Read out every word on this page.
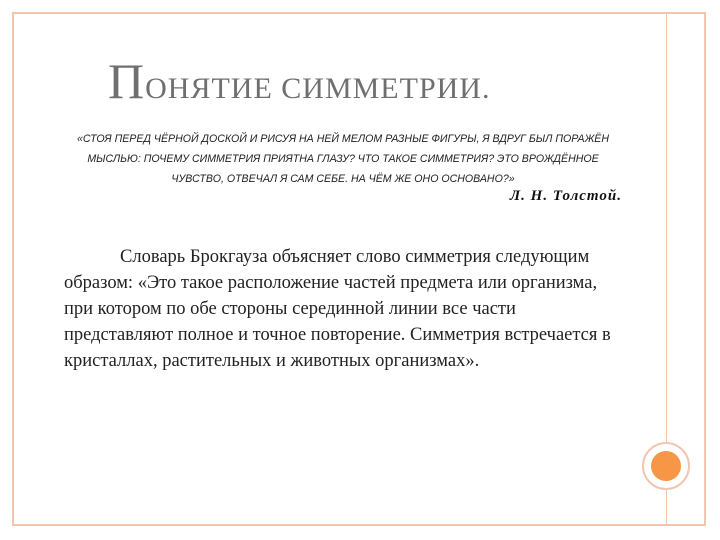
ПОНЯТИЕ СИММЕТРИИ.

«СТОЯ ПЕРЕД ЧЁРНОЙ ДОСКОЙ И РИСУЯ НА НЕЙ МЕЛОМ РАЗНЫЕ ФИГУРЫ, Я ВДРУГ БЫЛ ПОРАЖЁН МЫСЛЬЮ: ПОЧЕМУ СИММЕТРИЯ ПРИЯТНА ГЛАЗУ? ЧТО ТАКОЕ СИММЕТРИЯ? ЭТО ВРОЖДЁННОЕ ЧУВСТВО, ОТВЕЧАЛ Я САМ СЕБЕ. НА ЧЁМ ЖЕ ОНО ОСНОВАНО?»

Л. Н. Толстой.

Словарь Брокгауза объясняет слово симметрия следующим образом: «Это такое расположение частей предмета или организма, при котором по обе стороны серединной линии все части представляют полное и точное повторение. Симметрия встречается в кристаллах, растительных и животных организмах».
